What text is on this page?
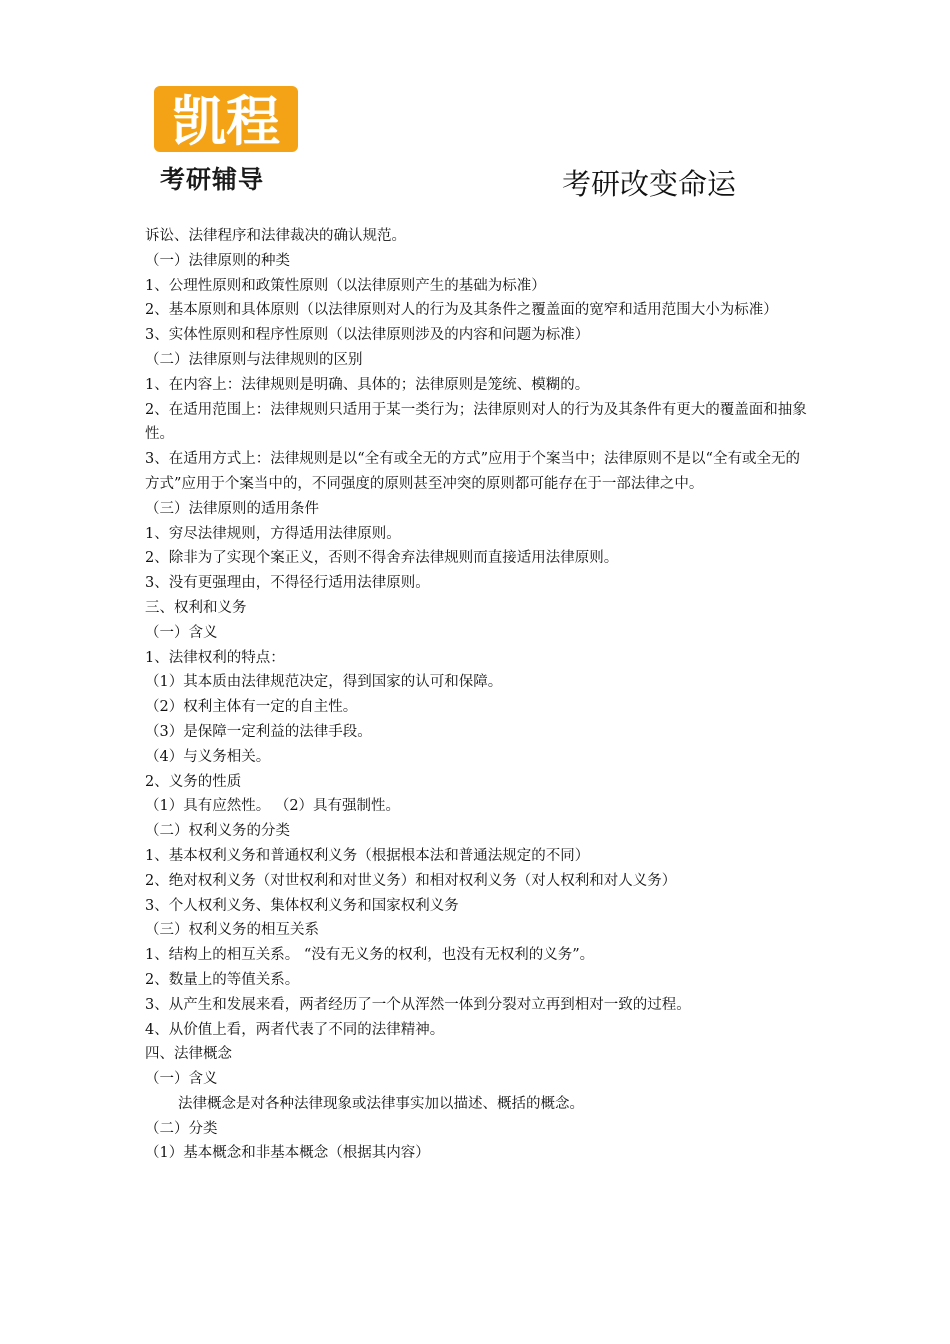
凯程
考研辅导	考研改变命运

诉讼、法律程序和法律裁决的确认规范。

（一）法律原则的种类

1、公理性原则和政策性原则（以法律原则产生的基础为标准）

2、基本原则和具体原则（以法律原则对人的行为及其条件之覆盖面的宽窄和适用范围大小为标准）

3、实体性原则和程序性原则（以法律原则涉及的内容和问题为标准）

（二）法律原则与法律规则的区别

1、在内容上：法律规则是明确、具体的；法律原则是笼统、模糊的。

2、在适用范围上：法律规则只适用于某一类行为；法律原则对人的行为及其条件有更大的覆盖面和抽象性。

3、在适用方式上：法律规则是以“全有或全无的方式”应用于个案当中；法律原则不是以“全有或全无的方式”应用于个案当中的，不同强度的原则甚至冲突的原则都可能存在于一部法律之中。

（三）法律原则的适用条件

1、穷尽法律规则，方得适用法律原则。

2、除非为了实现个案正义，否则不得舍弃法律规则而直接适用法律原则。

3、没有更强理由，不得径行适用法律原则。

三、权利和义务

（一）含义

1、法律权利的特点：

（1）其本质由法律规范决定，得到国家的认可和保障。

（2）权利主体有一定的自主性。

（3）是保障一定利益的法律手段。

（4）与义务相关。

2、义务的性质

（1）具有应然性。 （2）具有强制性。

（二）权利义务的分类

1、基本权利义务和普通权利义务（根据根本法和普通法规定的不同）

2、绝对权利义务（对世权利和对世义务）和相对权利义务（对人权利和对人义务）

3、个人权利义务、集体权利义务和国家权利义务

（三）权利义务的相互关系

1、结构上的相互关系。 “没有无义务的权利，也没有无权利的义务”。

2、数量上的等值关系。

3、从产生和发展来看，两者经历了一个从浑然一体到分裂对立再到相对一致的过程。

4、从价值上看，两者代表了不同的法律精神。

四、法律概念

（一）含义

法律概念是对各种法律现象或法律事实加以描述、概括的概念。

（二）分类

（1）基本概念和非基本概念（根据其内容）
